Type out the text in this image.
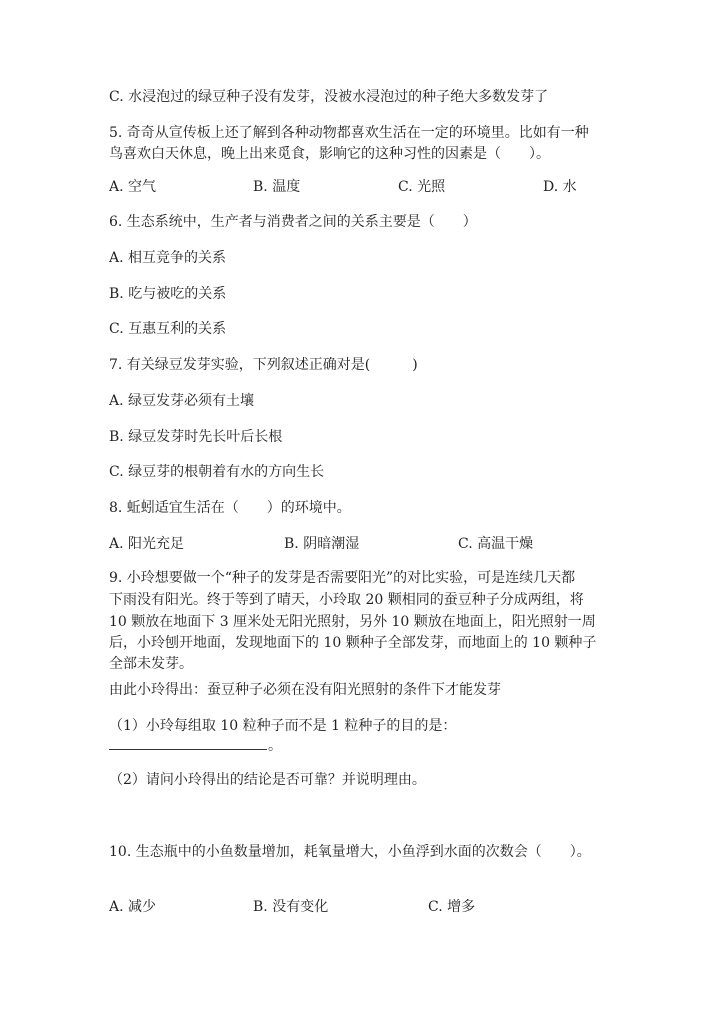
C. 水浸泡过的绿豆种子没有发芽，没被水浸泡过的种子绝大多数发芽了
5. 奇奇从宣传板上还了解到各种动物都喜欢生活在一定的环境里。比如有一种
鸟喜欢白天休息，晚上出来觅食，影响它的这种习性的因素是（　　）。
A. 空气	B. 温度	C. 光照	D. 水
6. 生态系统中，生产者与消费者之间的关系主要是（　　）
A. 相互竞争的关系
B. 吃与被吃的关系
C. 互惠互利的关系
7. 有关绿豆发芽实验，下列叙述正确对是(　　　)
A. 绿豆发芽必须有土壤
B. 绿豆发芽时先长叶后长根
C. 绿豆芽的根朝着有水的方向生长
8. 蚯蚓适宜生活在（　　）的环境中。
A. 阳光充足	B. 阴暗潮湿	C. 高温干燥
9. 小玲想要做一个“种子的发芽是否需要阳光”的对比实验，可是连续几天都
下雨没有阳光。终于等到了晴天，小玲取 20 颗相同的蚕豆种子分成两组，将
10 颗放在地面下 3 厘米处无阳光照射，另外 10 颗放在地面上，阳光照射一周
后，小玲刨开地面，发现地面下的 10 颗种子全部发芽，而地面上的 10 颗种子
全部未发芽。
由此小玲得出：蚕豆种子必须在没有阳光照射的条件下才能发芽
（1）小玲每组取 10 粒种子而不是 1 粒种子的目的是：
。
（2）请问小玲得出的结论是否可靠？并说明理由。
10. 生态瓶中的小鱼数量增加，耗氧量增大，小鱼浮到水面的次数会（　　）。
A. 减少	B. 没有变化	C. 增多
